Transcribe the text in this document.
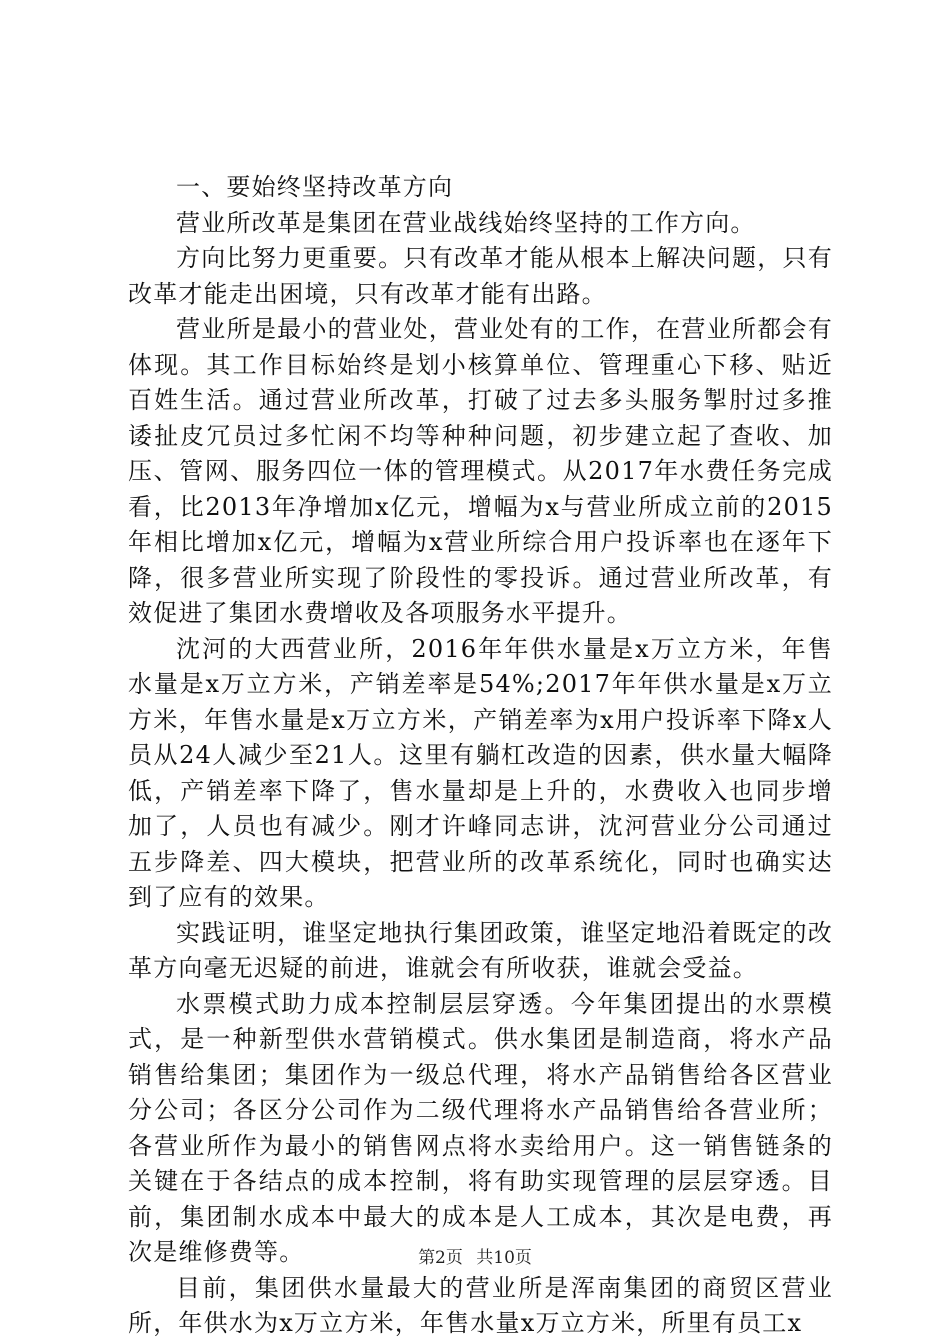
一、要始终坚持改革方向

营业所改革是集团在营业战线始终坚持的工作方向。

方向比努力更重要。只有改革才能从根本上解决问题，只有改革才能走出困境，只有改革才能有出路。

营业所是最小的营业处，营业处有的工作，在营业所都会有体现。其工作目标始终是划小核算单位、管理重心下移、贴近百姓生活。通过营业所改革，打破了过去多头服务掣肘过多推诿扯皮冗员过多忙闲不均等种种问题，初步建立起了查收、加压、管网、服务四位一体的管理模式。从2017年水费任务完成看，比2013年净增加x亿元，增幅为x与营业所成立前的2015年相比增加x亿元，增幅为x营业所综合用户投诉率也在逐年下降，很多营业所实现了阶段性的零投诉。通过营业所改革，有效促进了集团水费增收及各项服务水平提升。

沈河的大西营业所，2016年年供水量是x万立方米，年售水量是x万立方米，产销差率是54%;2017年年供水量是x万立方米，年售水量是x万立方米，产销差率为x用户投诉率下降x人员从24人减少至21人。这里有躺杠改造的因素，供水量大幅降低，产销差率下降了，售水量却是上升的，水费收入也同步增加了，人员也有减少。刚才许峰同志讲，沈河营业分公司通过五步降差、四大模块，把营业所的改革系统化，同时也确实达到了应有的效果。

实践证明，谁坚定地执行集团政策，谁坚定地沿着既定的改革方向毫无迟疑的前进，谁就会有所收获，谁就会受益。

水票模式助力成本控制层层穿透。今年集团提出的水票模式，是一种新型供水营销模式。供水集团是制造商，将水产品销售给集团；集团作为一级总代理，将水产品销售给各区营业分公司；各区分公司作为二级代理将水产品销售给各营业所；各营业所作为最小的销售网点将水卖给用户。这一销售链条的关键在于各结点的成本控制，将有助实现管理的层层穿透。目前，集团制水成本中最大的成本是人工成本，其次是电费，再次是维修费等。

目前，集团供水量最大的营业所是浑南集团的商贸区营业所，年供水为x万立方米，年售水量x万立方米，所里有员工x

第2页 共10页
